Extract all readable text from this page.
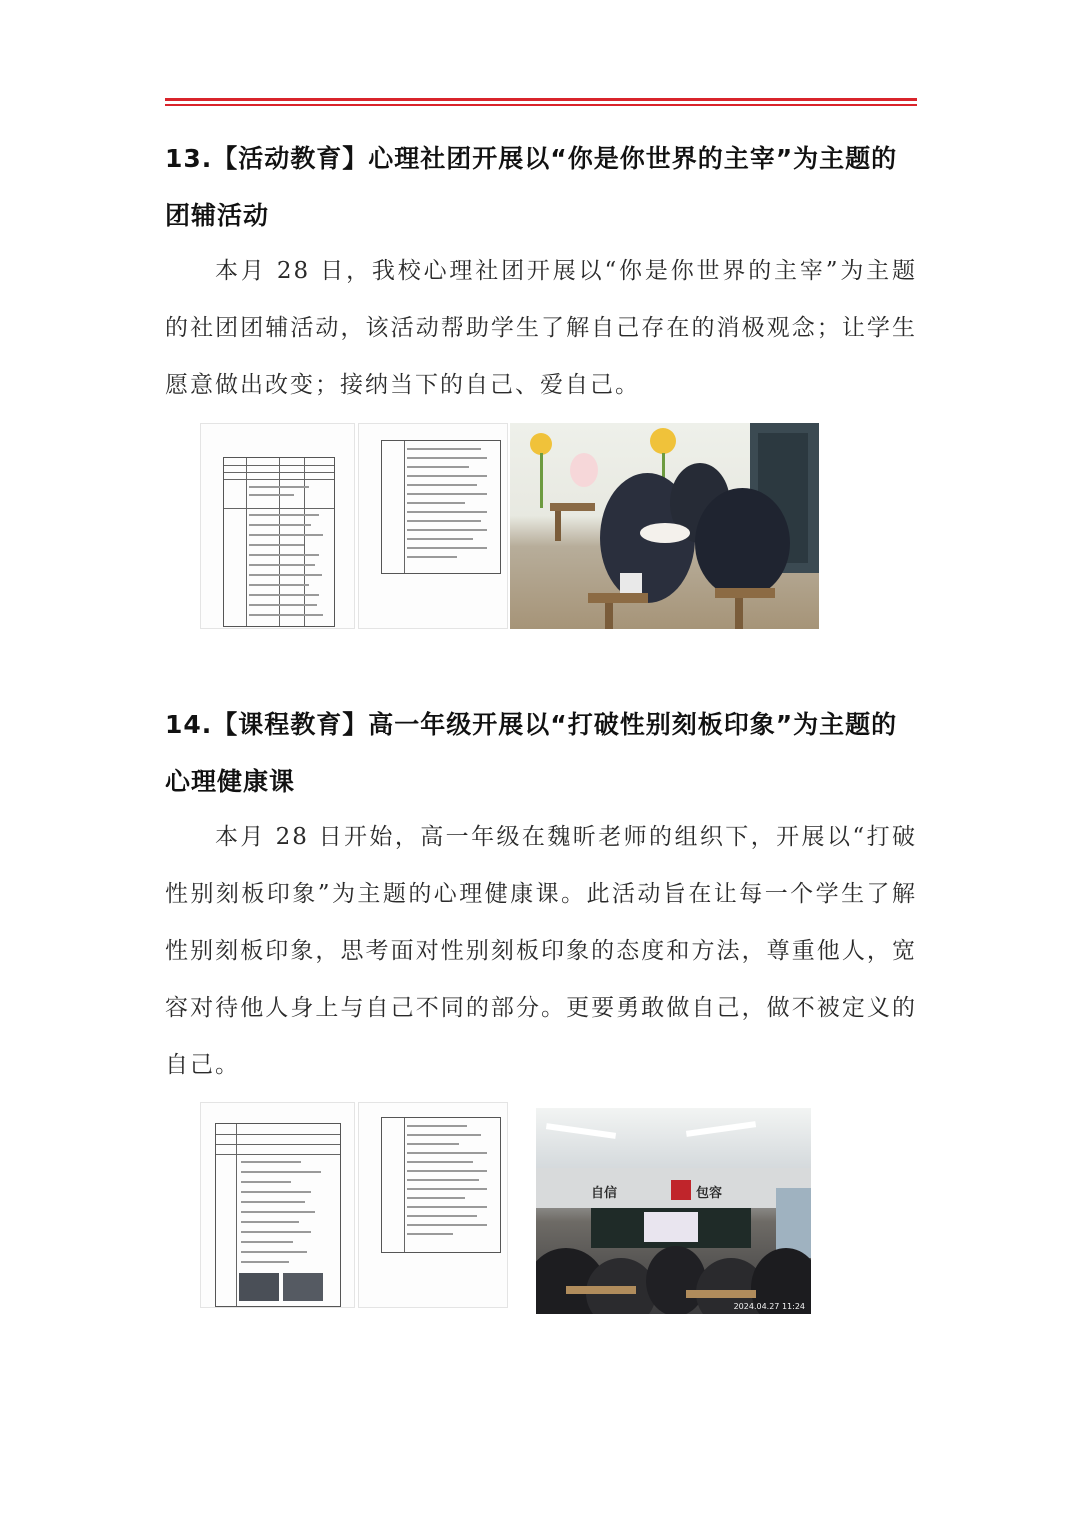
13.【活动教育】心理社团开展以“你是你世界的主宰”为主题的团辅活动

本月 28 日，我校心理社团开展以“你是你世界的主宰”为主题的社团团辅活动，该活动帮助学生了解自己存在的消极观念；让学生愿意做出改变；接纳当下的自己、爱自己。

14.【课程教育】高一年级开展以“打破性别刻板印象”为主题的心理健康课

本月 28 日开始，高一年级在魏昕老师的组织下，开展以“打破性别刻板印象”为主题的心理健康课。此活动旨在让每一个学生了解性别刻板印象，思考面对性别刻板印象的态度和方法，尊重他人，宽容对待他人身上与自己不同的部分。更要勇敢做自己，做不被定义的自己。

自信	包容
2024.04.27 11:24
